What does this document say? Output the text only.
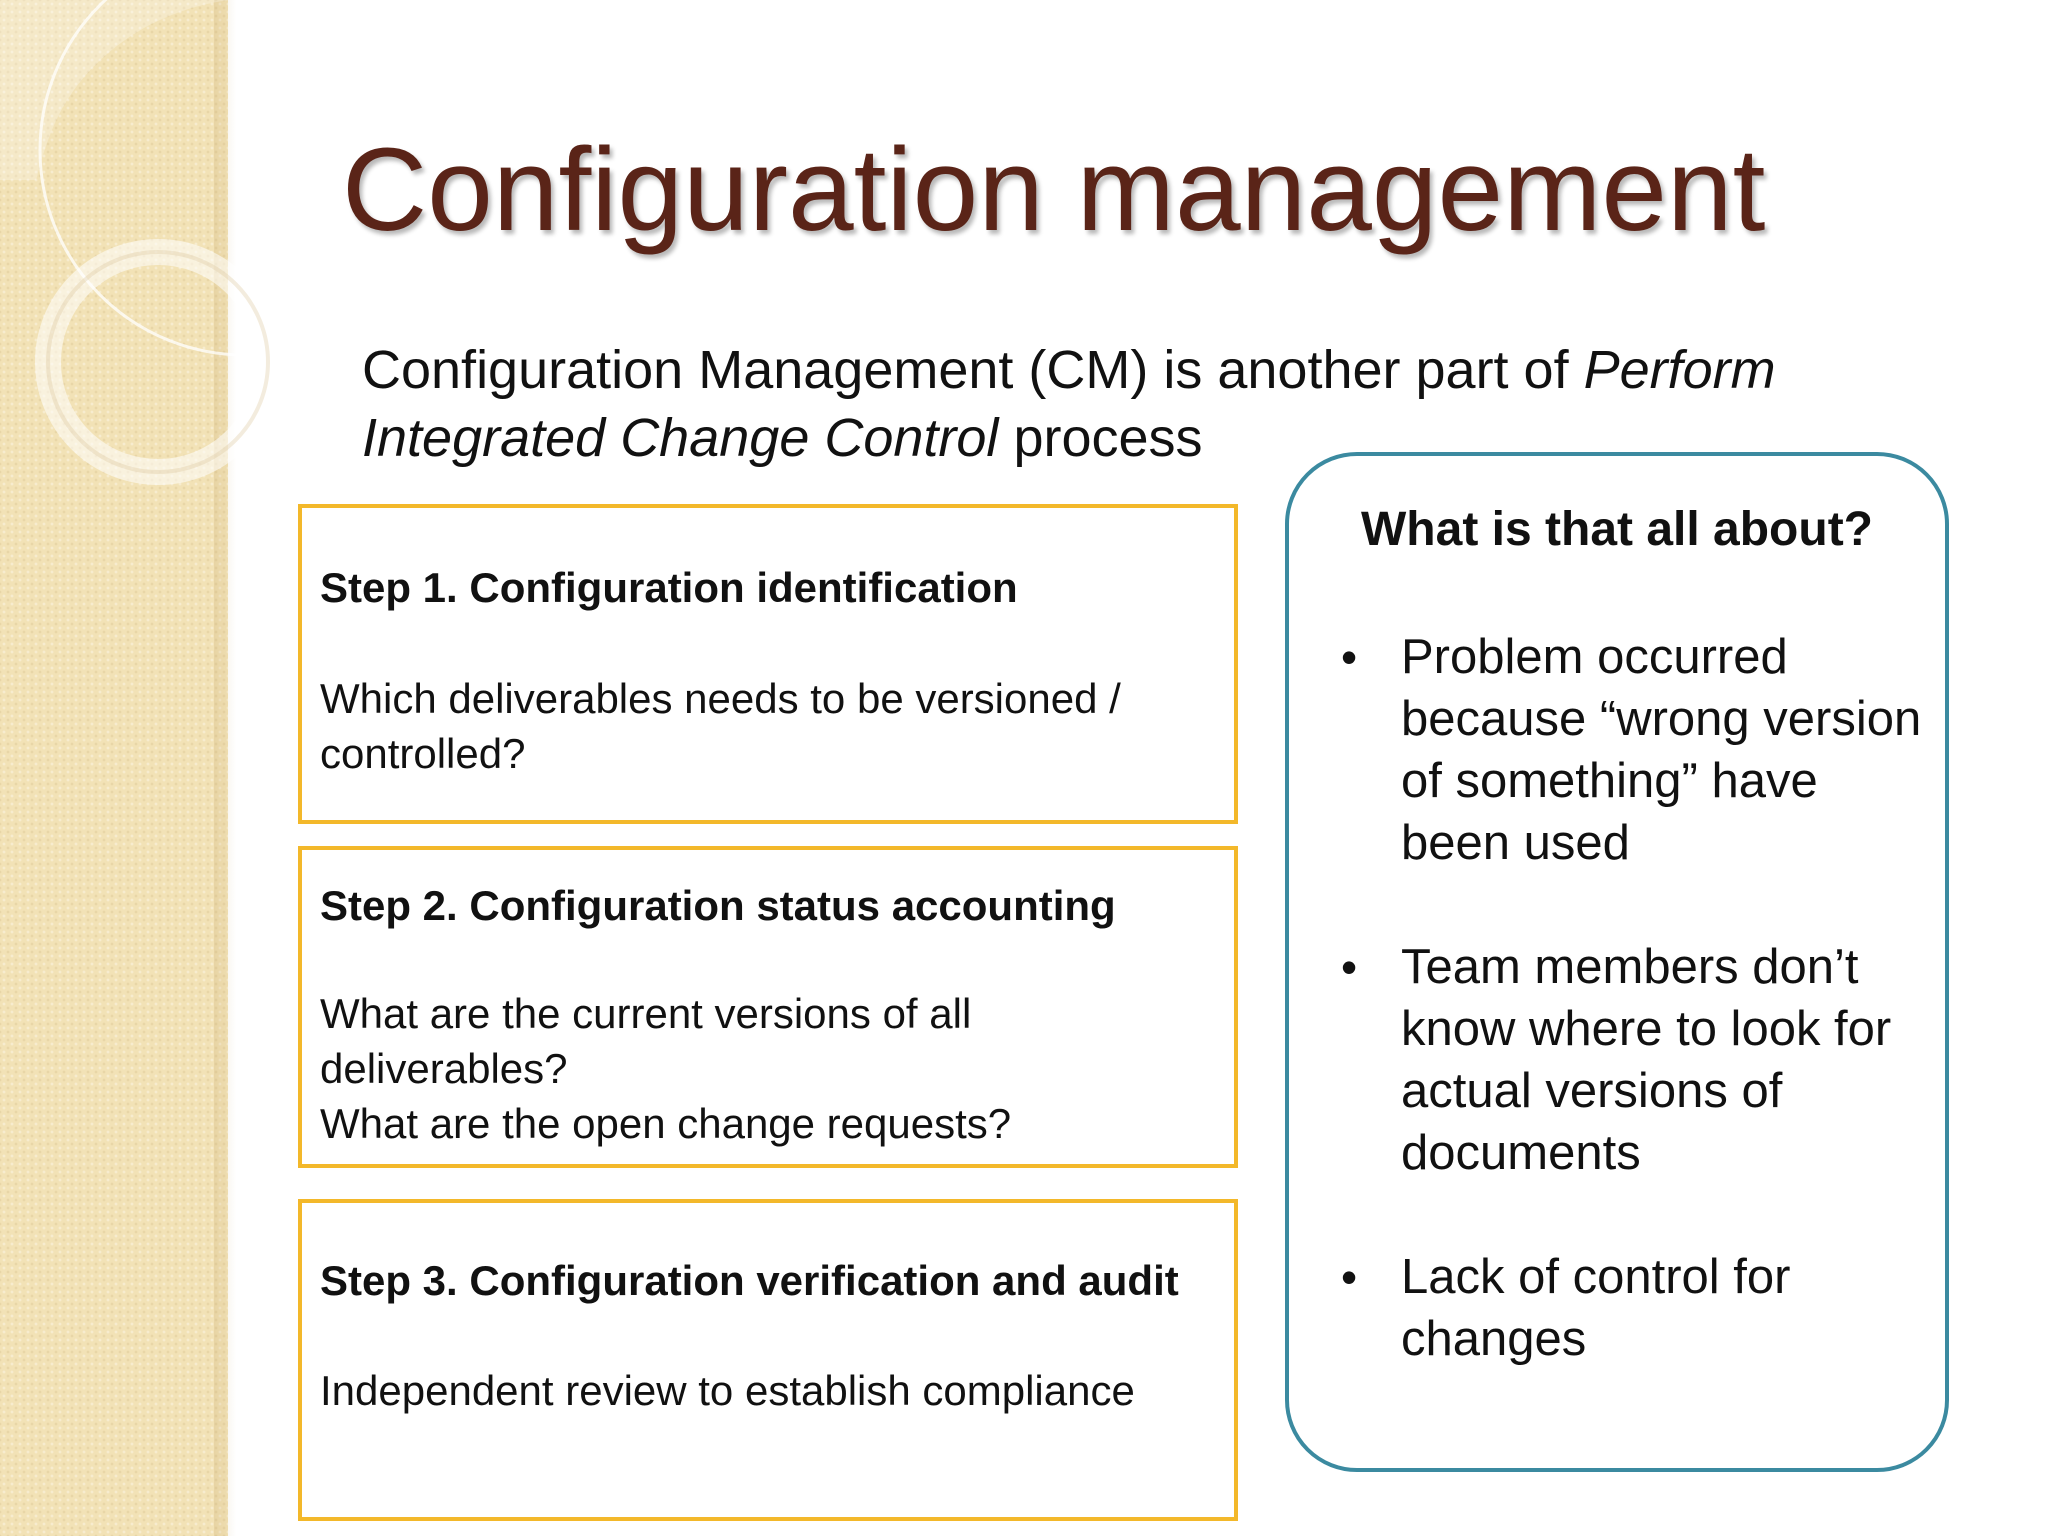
Configuration management

Configuration Management (CM) is another part of Perform Integrated Change Control process

Step 1. Configuration identification

Which deliverables needs to be versioned / controlled?

Step 2. Configuration status accounting

What are the current versions of all deliverables?
What are the open change requests?

Step 3. Configuration verification and audit

Independent review to establish compliance

What is that all about?

• Problem occurred because “wrong version of something” have been used
• Team members don’t know where to look for actual versions of documents
• Lack of control for changes
